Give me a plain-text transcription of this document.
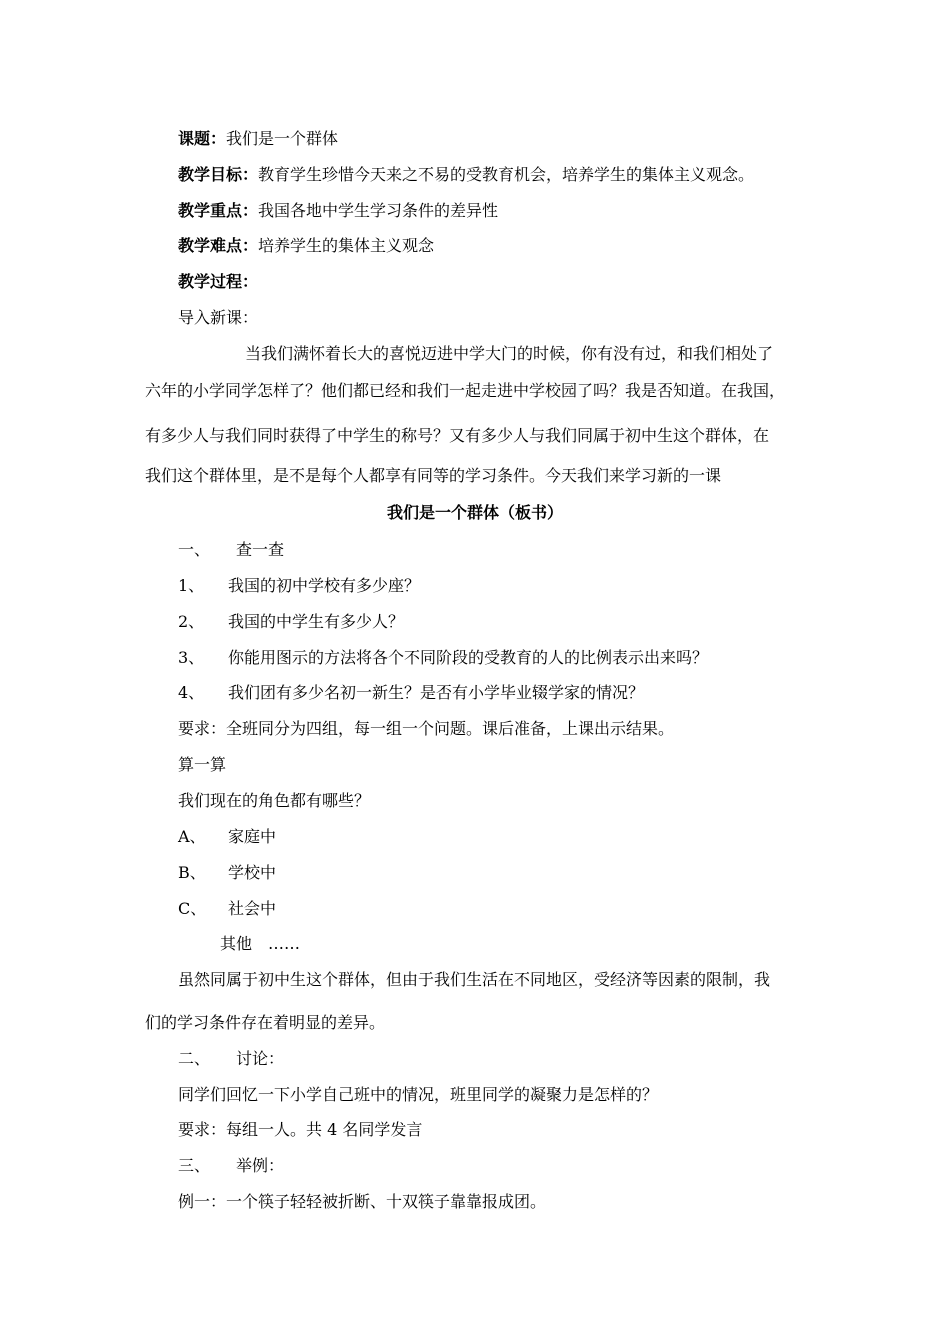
课题：我们是一个群体
教学目标：教育学生珍惜今天来之不易的受教育机会，培养学生的集体主义观念。
教学重点：我国各地中学生学习条件的差异性
教学难点：培养学生的集体主义观念
教学过程：
导入新课：
当我们满怀着长大的喜悦迈进中学大门的时候，你有没有过，和我们相处了
六年的小学同学怎样了？他们都已经和我们一起走进中学校园了吗？我是否知道。在我国，
有多少人与我们同时获得了中学生的称号？又有多少人与我们同属于初中生这个群体，在
我们这个群体里，是不是每个人都享有同等的学习条件。今天我们来学习新的一课
我们是一个群体（板书）
一、 查一查
1、 我国的初中学校有多少座？
2、 我国的中学生有多少人？
3、 你能用图示的方法将各个不同阶段的受教育的人的比例表示出来吗？
4、 我们团有多少名初一新生？是否有小学毕业辍学家的情况？
要求：全班同分为四组，每一组一个问题。课后准备，上课出示结果。
算一算
我们现在的角色都有哪些？
A、 家庭中
B、 学校中
C、 社会中
其他 ……
虽然同属于初中生这个群体，但由于我们生活在不同地区，受经济等因素的限制，我
们的学习条件存在着明显的差异。
二、 讨论：
同学们回忆一下小学自己班中的情况，班里同学的凝聚力是怎样的？
要求：每组一人。共 4 名同学发言
三、 举例：
例一：一个筷子轻轻被折断、十双筷子靠靠报成团。
